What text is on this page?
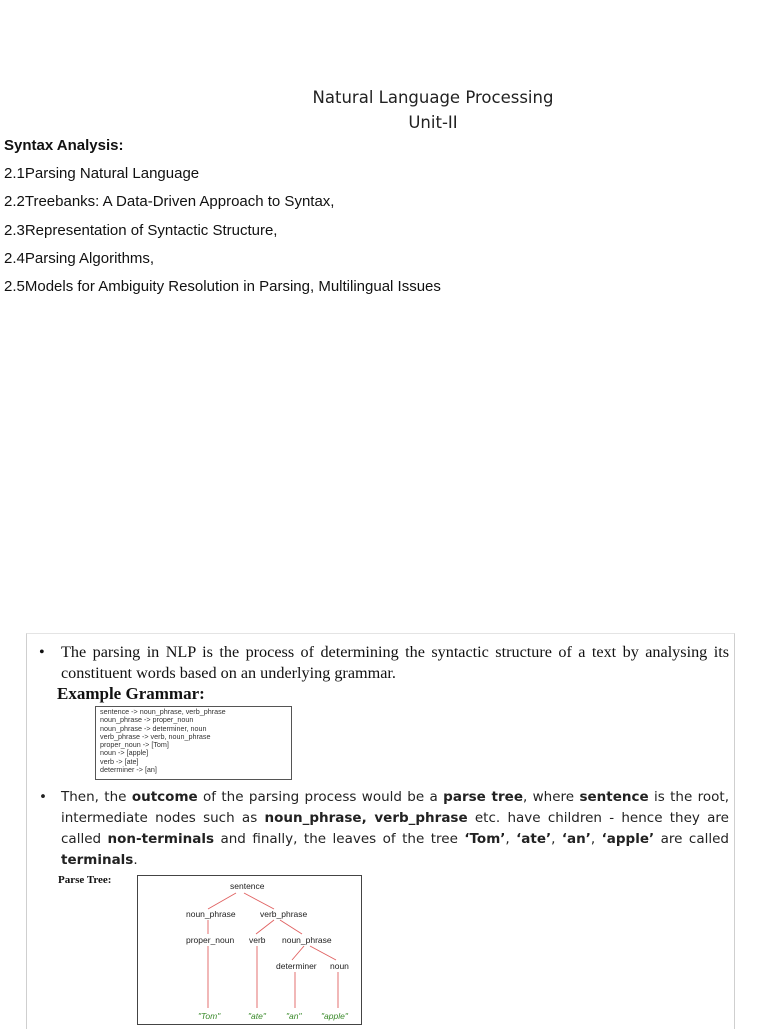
Natural Language Processing
Unit-II
Syntax Analysis:
2.1Parsing Natural Language
2.2Treebanks: A Data-Driven Approach to Syntax,
2.3Representation of Syntactic Structure,
2.4Parsing Algorithms,
2.5Models for Ambiguity Resolution in Parsing, Multilingual Issues
• The parsing in NLP is the process of determining the syntactic structure of a text by analysing its constituent words based on an underlying grammar.
Example Grammar:
sentence -> noun_phrase, verb_phrase
noun_phrase -> proper_noun
noun_phrase -> determiner, noun
verb_phrase -> verb, noun_phrase
proper_noun -> [Tom]
noun -> [apple]
verb -> [ate]
determiner -> [an]
• Then, the outcome of the parsing process would be a parse tree, where sentence is the root, intermediate nodes such as noun_phrase, verb_phrase etc. have children - hence they are called non-terminals and finally, the leaves of the tree ‘Tom’, ‘ate’, ‘an’, ‘apple’ are called terminals.
Parse Tree:	sentence
noun_phrase	verb_phrase
proper_noun verb noun_phrase
determiner noun
"Tom"	"ate" "an" "apple"
